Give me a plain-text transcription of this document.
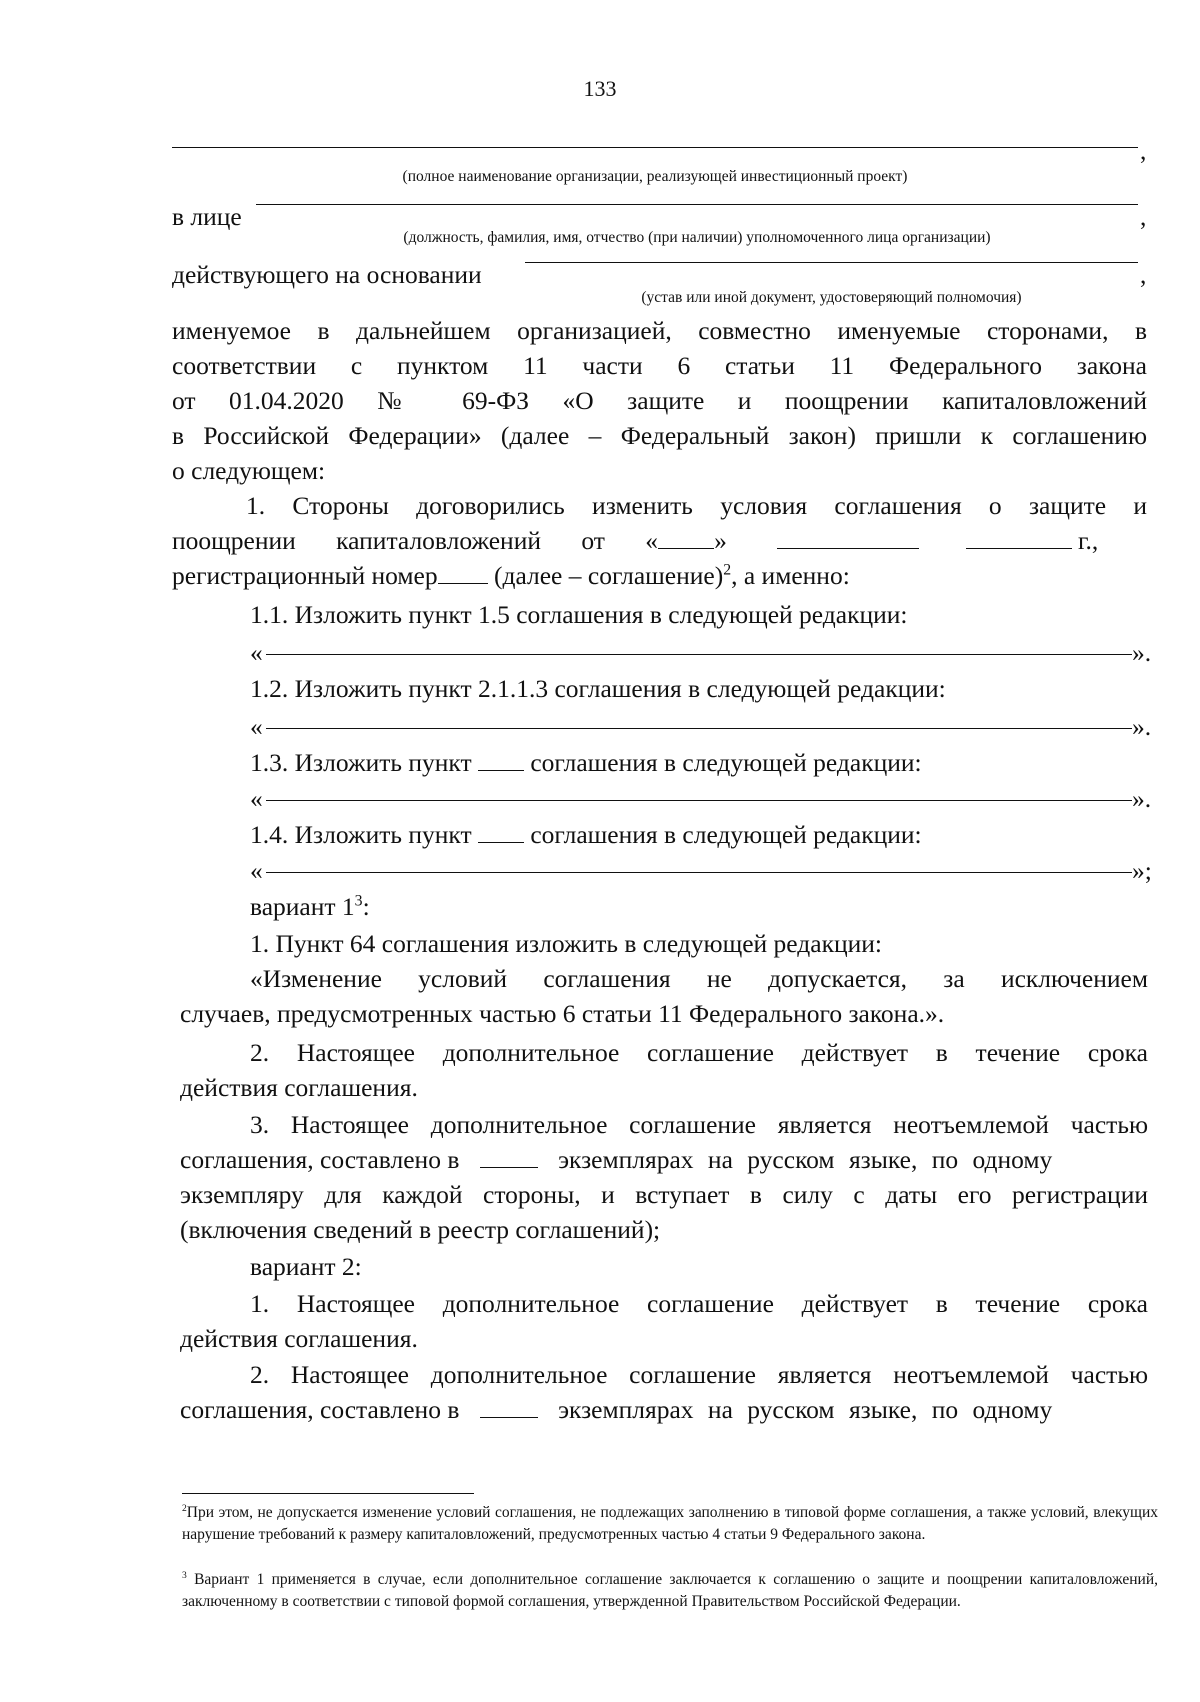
133
,
(полное наименование организации, реализующей инвестиционный проект)
в лице	,
(должность, фамилия, имя, отчество (при наличии) уполномоченного лица организации)
действующего на основании	,
(устав или иной документ, удостоверяющий полномочия)
именуемое в дальнейшем организацией, совместно именуемые сторонами, в
соответствии с пунктом 11 части 6 статьи 11 Федерального закона
от 01.04.2020 № 69-ФЗ «О защите и поощрении капиталовложений
в Российской Федерации» (далее – Федеральный закон) пришли к соглашению
о следующем:
1. Стороны договорились изменить условия соглашения о защите и
поощрении капиталовложений от « »	г.,
регистрационный номер (далее – соглашение)$^2$, а именно:
1.1. Изложить пункт 1.5 соглашения в следующей редакции:
«	».
1.2. Изложить пункт 2.1.1.3 соглашения в следующей редакции:
«	».
1.3. Изложить пункт соглашения в следующей редакции:
«	».
1.4. Изложить пункт соглашения в следующей редакции:
«	»;
вариант $1^3$:
1. Пункт 64 соглашения изложить в следующей редакции:
«Изменение условий соглашения не допускается, за исключением
случаев, предусмотренных частью 6 статьи 11 Федерального закона.».
2. Настоящее дополнительное соглашение действует в течение срока
действия соглашения.
3. Настоящее дополнительное соглашение является неотъемлемой частью
соглашения, составлено в	экземплярах на русском языке, по одному
экземпляру для каждой стороны, и вступает в силу с даты его регистрации
(включения сведений в реестр соглашений);
вариант 2:
1. Настоящее дополнительное соглашение действует в течение срока
действия соглашения.
2. Настоящее дополнительное соглашение является неотъемлемой частью
соглашения, составлено в	экземплярах на русском языке, по одному
$^2$При этом, не допускается изменение условий соглашения, не подлежащих заполнению в типовой форме соглашения, а также условий, влекущих нарушение требований к размеру капиталовложений, предусмотренных частью 4 статьи 9 Федерального закона.
$^3$ Вариант 1 применяется в случае, если дополнительное соглашение заключается к соглашению о защите и поощрении капиталовложений, заключенному в соответствии с типовой формой соглашения, утвержденной Правительством Российской Федерации.
